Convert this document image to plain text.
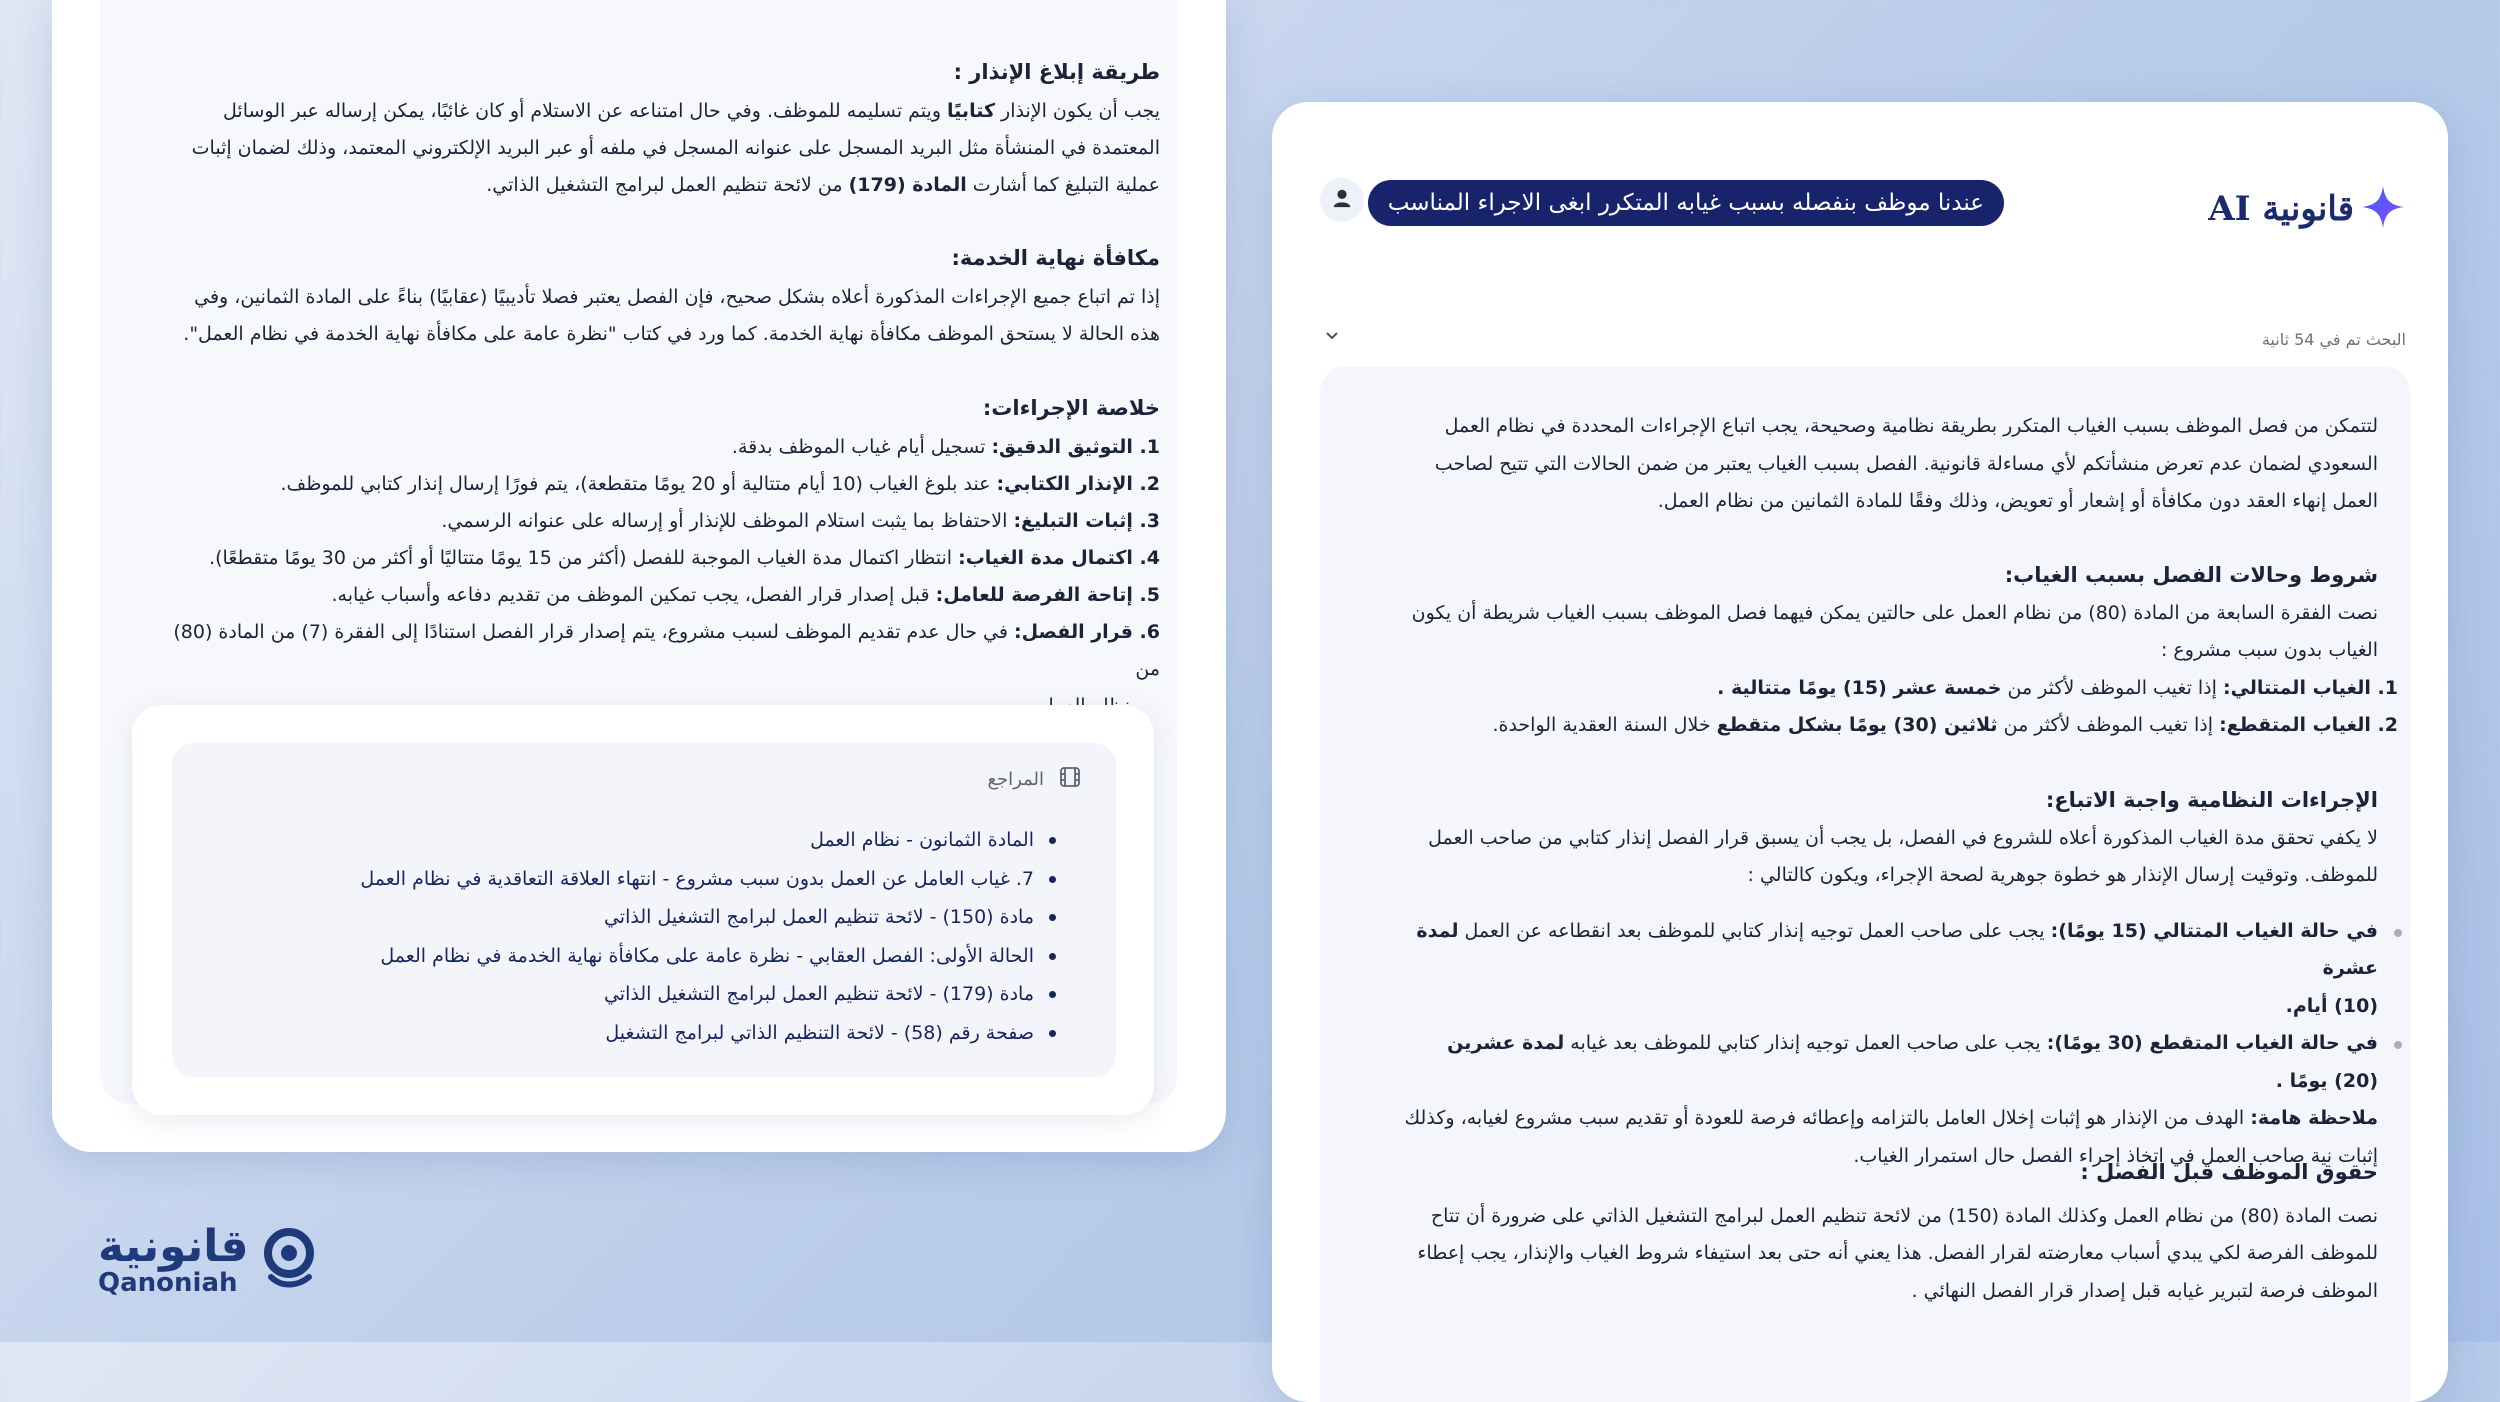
طريقة إبلاغ الإنذار :

يجب أن يكون الإنذار كتابيًا ويتم تسليمه للموظف. وفي حال امتناعه عن الاستلام أو كان غائبًا، يمكن إرساله عبر الوسائل

المعتمدة في المنشأة مثل البريد المسجل على عنوانه المسجل في ملفه أو عبر البريد الإلكتروني المعتمد، وذلك لضمان إثبات

عملية التبليغ كما أشارت المادة (179) من لائحة تنظيم العمل لبرامج التشغيل الذاتي.

مكافأة نهاية الخدمة:

إذا تم اتباع جميع الإجراءات المذكورة أعلاه بشكل صحيح، فإن الفصل يعتبر فصلا تأديبيًا (عقابيًا) بناءً على المادة الثمانين، وفي

هذه الحالة لا يستحق الموظف مكافأة نهاية الخدمة. كما ورد في كتاب "نظرة عامة على مكافأة نهاية الخدمة في نظام العمل".

خلاصة الإجراءات:

1. التوثيق الدقيق: تسجيل أيام غياب الموظف بدقة.

2. الإنذار الكتابي: عند بلوغ الغياب (10 أيام متتالية أو 20 يومًا متقطعة)، يتم فورًا إرسال إنذار كتابي للموظف.

3. إثبات التبليغ: الاحتفاظ بما يثبت استلام الموظف للإنذار أو إرساله على عنوانه الرسمي.

4. اكتمال مدة الغياب: انتظار اكتمال مدة الغياب الموجبة للفصل (أكثر من 15 يومًا متتاليًا أو أكثر من 30 يومًا متقطعًا).

5. إتاحة الفرصة للعامل: قبل إصدار قرار الفصل، يجب تمكين الموظف من تقديم دفاعه وأسباب غيابه.

6. قرار الفصل: في حال عدم تقديم الموظف لسبب مشروع، يتم إصدار قرار الفصل استنادًا إلى الفقرة (7) من المادة (80) من

المراجع
المادة الثمانون - نظام العمل
7. غياب العامل عن العمل بدون سبب مشروع - انتهاء العلاقة التعاقدية في نظام العمل
مادة (150) - لائحة تنظيم العمل لبرامج التشغيل الذاتي
الحالة الأولى: الفصل العقابي - نظرة عامة على مكافأة نهاية الخدمة في نظام العمل
مادة (179) - لائحة تنظيم العمل لبرامج التشغيل الذاتي
صفحة رقم (58) - لائحة التنظيم الذاتي لبرامج التشغيل
قانونية AI
عندنا موظف بنفصله بسبب غيابه المتكرر ابغى الاجراء المناسب
البحث تم في 54 ثانية

لتتمكن من فصل الموظف بسبب الغياب المتكرر بطريقة نظامية وصحيحة، يجب اتباع الإجراءات المحددة في نظام العمل

السعودي لضمان عدم تعرض منشأتكم لأي مساءلة قانونية. الفصل بسبب الغياب يعتبر من ضمن الحالات التي تتيح لصاحب

العمل إنهاء العقد دون مكافأة أو إشعار أو تعويض، وذلك وفقًا للمادة الثمانين من نظام العمل.

شروط وحالات الفصل بسبب الغياب:

نصت الفقرة السابعة من المادة (80) من نظام العمل على حالتين يمكن فيهما فصل الموظف بسبب الغياب شريطة أن يكون

الغياب بدون سبب مشروع :

1. الغياب المتتالي: إذا تغيب الموظف لأكثر من خمسة عشر (15) يومًا متتالية .

2. الغياب المتقطع: إذا تغيب الموظف لأكثر من ثلاثين (30) يومًا بشكل متقطع خلال السنة العقدية الواحدة.

الإجراءات النظامية واجبة الاتباع:

لا يكفي تحقق مدة الغياب المذكورة أعلاه للشروع في الفصل، بل يجب أن يسبق قرار الفصل إنذار كتابي من صاحب العمل

للموظف. وتوقيت إرسال الإنذار هو خطوة جوهرية لصحة الإجراء، ويكون كالتالي :

في حالة الغياب المتتالي (15 يومًا): يجب على صاحب العمل توجيه إنذار كتابي للموظف بعد انقطاعه عن العمل لمدة عشرة

(10) أيام.

في حالة الغياب المتقطع (30 يومًا): يجب على صاحب العمل توجيه إنذار كتابي للموظف بعد غيابه لمدة عشرين (20) يومًا .

ملاحظة هامة: الهدف من الإنذار هو إثبات إخلال العامل بالتزامه وإعطائه فرصة للعودة أو تقديم سبب مشروع لغيابه، وكذلك

إثبات نية صاحب العمل في اتخاذ إجراء الفصل حال استمرار الغياب.

حقوق الموظف قبل الفصل :

نصت المادة (80) من نظام العمل وكذلك المادة (150) من لائحة تنظيم العمل لبرامج التشغيل الذاتي على ضرورة أن تتاح

للموظف الفرصة لكي يبدي أسباب معارضته لقرار الفصل. هذا يعني أنه حتى بعد استيفاء شروط الغياب والإنذار، يجب إعطاء

الموظف فرصة لتبرير غيابه قبل إصدار قرار الفصل النهائي .

قانونية
Qanoniah
